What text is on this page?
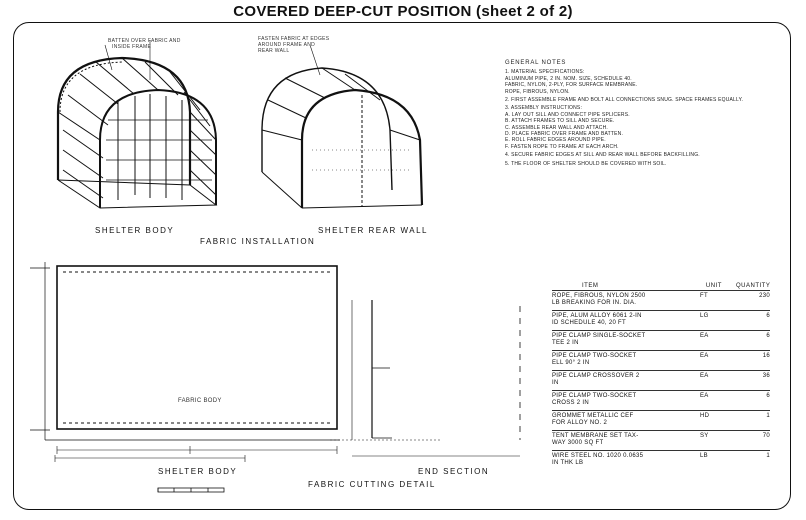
COVERED DEEP-CUT POSITION (sheet 2 of 2)
BATTEN OVER FABRIC AND
INSIDE FRAME
FASTEN FABRIC AT EDGES
AROUND FRAME AND
REAR WALL
SHELTER BODY	SHELTER REAR WALL
FABRIC INSTALLATION
FABRIC BODY
SHELTER BODY	END SECTION
FABRIC CUTTING DETAIL
GENERAL NOTES
1. MATERIAL SPECIFICATIONS:
ALUMINUM PIPE, 2 IN. NOM. SIZE, SCHEDULE 40.
FABRIC, NYLON, 2-PLY, FOR SURFACE MEMBRANE.
ROPE, FIBROUS, NYLON.
2. FIRST ASSEMBLE FRAME AND BOLT ALL CONNECTIONS SNUG. SPACE FRAMES EQUALLY.
3. ASSEMBLY INSTRUCTIONS:
A. LAY OUT SILL AND CONNECT PIPE SPLICERS.
B. ATTACH FRAMES TO SILL AND SECURE.
C. ASSEMBLE REAR WALL AND ATTACH.
D. PLACE FABRIC OVER FRAME AND BATTEN.
E. ROLL FABRIC EDGES AROUND PIPE.
F. FASTEN ROPE TO FRAME AT EACH ARCH.
4. SECURE FABRIC EDGES AT SILL AND REAR WALL BEFORE BACKFILLING.
5. THE FLOOR OF SHELTER SHOULD BE COVERED WITH SOIL.
ITEM	UNIT	QUANTITY
ROPE, FIBROUS, NYLON 2500
LB BREAKING FOR IN. DIA.
FT	230
PIPE, ALUM ALLOY 6061 2-IN
ID SCHEDULE 40, 20 FT
LG	6
PIPE CLAMP SINGLE-SOCKET
TEE 2 IN
EA	6
PIPE CLAMP TWO-SOCKET
ELL 90° 2 IN
EA	16
PIPE CLAMP CROSSOVER 2
IN
EA	36
PIPE CLAMP TWO-SOCKET
CROSS 2 IN
EA	6
GROMMET METALLIC CEF
FOR ALLOY NO. 2
HD	1
TENT MEMBRANE SET TAX-
WAY 3000 SQ FT
SY	70
WIRE STEEL NO. 1020 0.0635
IN THK LB
LB	1
